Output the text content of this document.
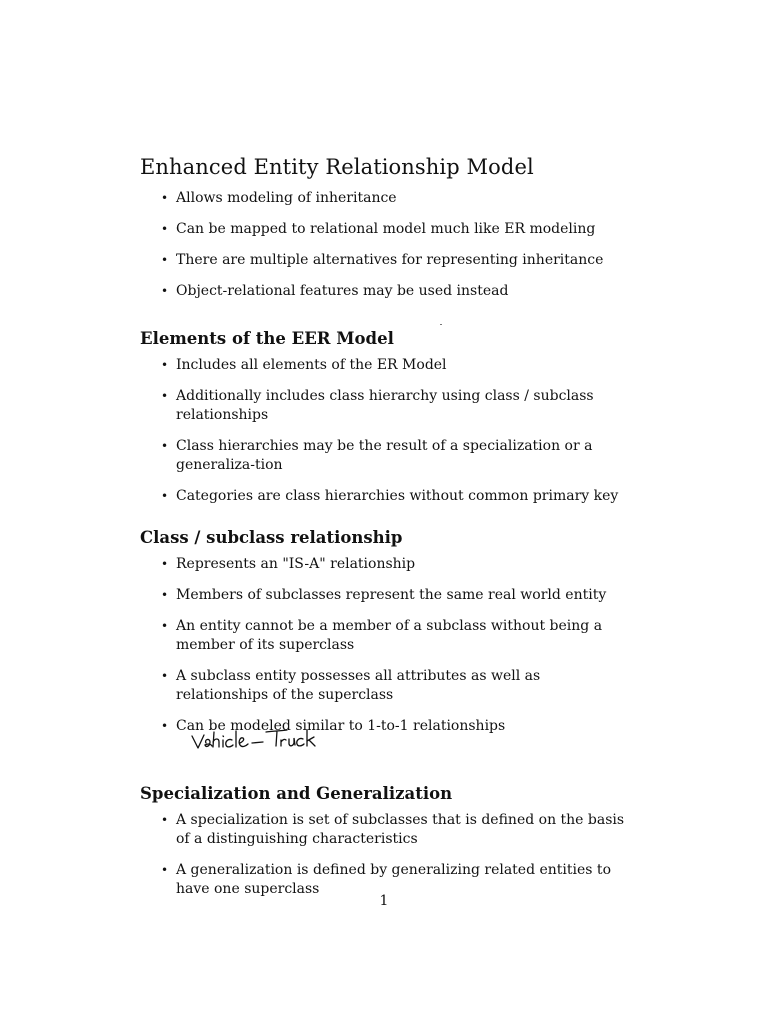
Enhanced Entity Relationship Model
• Allows modeling of inheritance
• Can be mapped to relational model much like ER modeling
• There are multiple alternatives for representing inheritance
• Object-relational features may be used instead
Elements of the EER Model
• Includes all elements of the ER Model
• Additionally includes class hierarchy using class / subclass relationships
• Class hierarchies may be the result of a specialization or a generaliza-tion
• Categories are class hierarchies without common primary key
Class / subclass relationship
• Represents an "IS-A" relationship
• Members of subclasses represent the same real world entity
• An entity cannot be a member of a subclass without being a member of its superclass
• A subclass entity possesses all attributes as well as relationships of the superclass
• Can be modeled similar to 1-to-1 relationships
Specialization and Generalization
• A specialization is set of subclasses that is defined on the basis of a distinguishing characteristics
• A generalization is defined by generalizing related entities to have one superclass
1
